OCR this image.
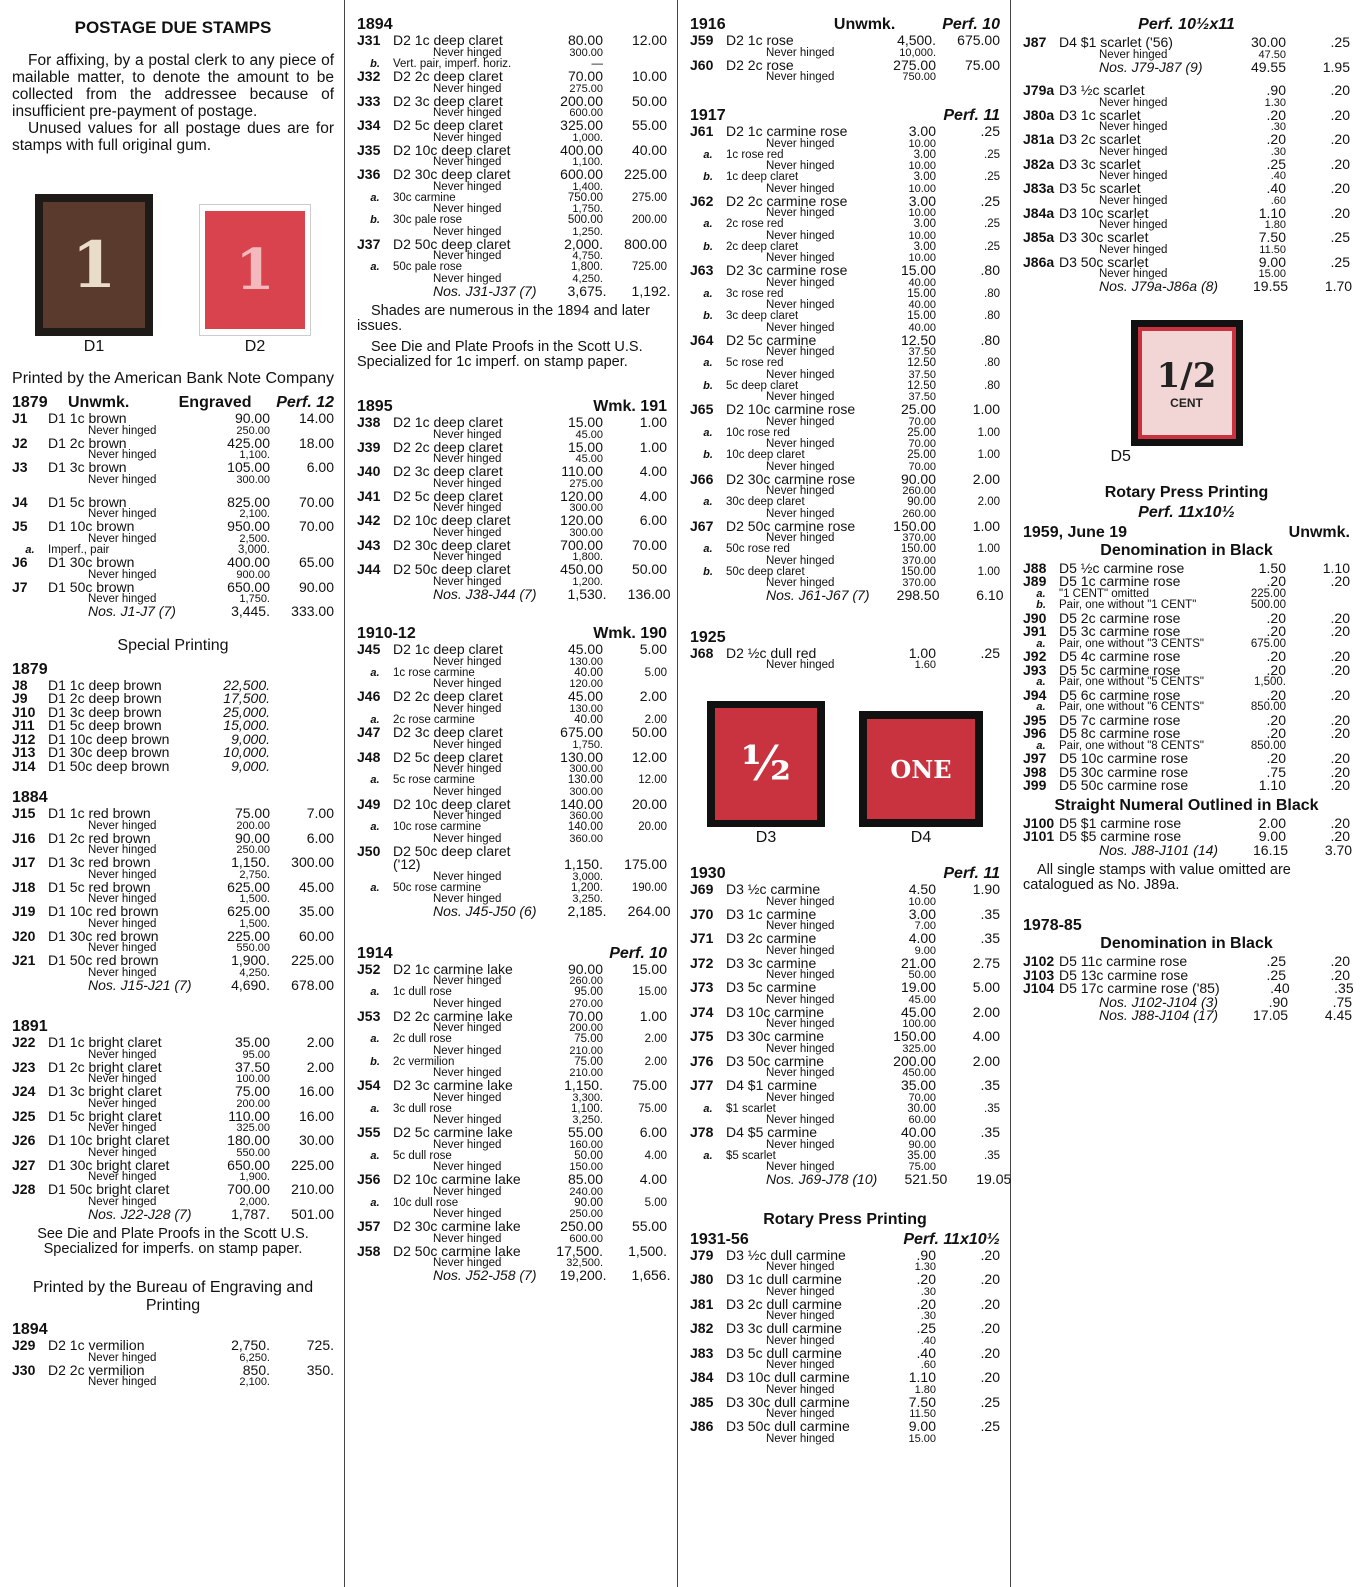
POSTAGE DUE STAMPS

For affixing, by a postal clerk to any piece of mailable matter, to denote the amount to be collected from the addressee because of insufficient pre-payment of postage.

Unused values for all postage dues are for stamps with full original gum.

1
D1
1
D2
Printed by the American Bank Note Company
1879	Unwmk.	Engraved	Perf. 12
J1	D1 1c brown	90.00	14.00
Never hinged	250.00
J2	D1 2c brown	425.00	18.00
Never hinged	1,100.
J3	D1 3c brown	105.00	6.00
Never hinged	300.00
J4	D1 5c brown	825.00	70.00
Never hinged	2,100.
J5	D1 10c brown	950.00	70.00
Never hinged	2,500.
a.	Imperf., pair	3,000.
J6	D1 30c brown	400.00	65.00
Never hinged	900.00
J7	D1 50c brown	650.00	90.00
Never hinged	1,750.
Nos. J1-J7 (7)	3,445.	333.00
Special Printing
1879
J8	D1 1c deep brown	22,500.
J9	D1 2c deep brown	17,500.
J10 D1 3c deep brown	25,000.
J11 D1 5c deep brown	15,000.
J12 D1 10c deep brown	9,000.
J13 D1 30c deep brown	10,000.
J14 D1 50c deep brown	9,000.
1884
J15 D1 1c red brown	75.00	7.00
Never hinged	200.00
J16 D1 2c red brown	90.00	6.00
Never hinged	250.00
J17 D1 3c red brown	1,150.	300.00
Never hinged	2,750.
J18 D1 5c red brown	625.00	45.00
Never hinged	1,500.
J19 D1 10c red brown	625.00	35.00
Never hinged	1,500.
J20 D1 30c red brown	225.00	60.00
Never hinged	550.00
J21 D1 50c red brown	1,900.	225.00
Never hinged	4,250.
Nos. J15-J21 (7)	4,690.	678.00
1891
J22 D1 1c bright claret	35.00	2.00
Never hinged	95.00
J23 D1 2c bright claret	37.50	2.00
Never hinged	100.00
J24 D1 3c bright claret	75.00	16.00
Never hinged	200.00
J25 D1 5c bright claret	110.00	16.00
Never hinged	325.00
J26 D1 10c bright claret	180.00	30.00
Never hinged	550.00
J27 D1 30c bright claret	650.00	225.00
Never hinged	1,900.
J28 D1 50c bright claret	700.00	210.00
Never hinged	2,000.
Nos. J22-J28 (7)	1,787.	501.00
See Die and Plate Proofs in the Scott U.S. Specialized for imperfs. on stamp paper.
Printed by the Bureau of Engraving and Printing
1894
J29 D2 1c vermilion	2,750.	725.
Never hinged	6,250.
J30 D2 2c vermilion	850.	350.
Never hinged	2,100.
1894
J31 D2 1c deep claret	80.00	12.00
Never hinged	300.00
b.	Vert. pair, imperf. horiz.	—
J32 D2 2c deep claret	70.00	10.00
Never hinged	275.00
J33 D2 3c deep claret	200.00	50.00
Never hinged	600.00
J34 D2 5c deep claret	325.00	55.00
Never hinged	1,000.
J35 D2 10c deep claret	400.00	40.00
Never hinged	1,100.
J36 D2 30c deep claret	600.00	225.00
Never hinged	1,400.
a.	30c carmine	750.00	275.00
Never hinged	1,750.
b.	30c pale rose	500.00	200.00
Never hinged	1,250.
J37 D2 50c deep claret	2,000.	800.00
Never hinged	4,750.
a.	50c pale rose	1,800.	725.00
Never hinged	4,250.
Nos. J31-J37 (7)	3,675.	1,192.
Shades are numerous in the 1894 and later issues.
See Die and Plate Proofs in the Scott U.S. Specialized for 1c imperf. on stamp paper.
1895	Wmk. 191
J38 D2 1c deep claret	15.00	1.00
Never hinged	45.00
J39 D2 2c deep claret	15.00	1.00
Never hinged	45.00
J40 D2 3c deep claret	110.00	4.00
Never hinged	275.00
J41 D2 5c deep claret	120.00	4.00
Never hinged	300.00
J42 D2 10c deep claret	120.00	6.00
Never hinged	300.00
J43 D2 30c deep claret	700.00	70.00
Never hinged	1,800.
J44 D2 50c deep claret	450.00	50.00
Never hinged	1,200.
Nos. J38-J44 (7)	1,530.	136.00
1910-12	Wmk. 190
J45 D2 1c deep claret	45.00	5.00
Never hinged	130.00
a.	1c rose carmine	40.00	5.00
Never hinged	120.00
J46 D2 2c deep claret	45.00	2.00
Never hinged	130.00
a.	2c rose carmine	40.00	2.00
J47 D2 3c deep claret	675.00	50.00
Never hinged	1,750.
J48 D2 5c deep claret	130.00	12.00
Never hinged	300.00
a.	5c rose carmine	130.00	12.00
Never hinged	300.00
J49 D2 10c deep claret	140.00	20.00
Never hinged	360.00
a.	10c rose carmine	140.00	20.00
Never hinged	360.00
J50 D2 50c deep claret
('12)	1,150.	175.00
Never hinged	3,000.
a.	50c rose carmine	1,200.	190.00
Never hinged	3,250.
Nos. J45-J50 (6)	2,185.	264.00
1914	Perf. 10
J52 D2 1c carmine lake	90.00	15.00
Never hinged	260.00
a.	1c dull rose	95.00	15.00
Never hinged	270.00
J53 D2 2c carmine lake	70.00	1.00
Never hinged	200.00
a.	2c dull rose	75.00	2.00
Never hinged	210.00
b.	2c vermilion	75.00	2.00
Never hinged	210.00
J54 D2 3c carmine lake	1,150.	75.00
Never hinged	3,300.
a.	3c dull rose	1,100.	75.00
Never hinged	3,250.
J55 D2 5c carmine lake	55.00	6.00
Never hinged	160.00
a.	5c dull rose	50.00	4.00
Never hinged	150.00
J56 D2 10c carmine lake	85.00	4.00
Never hinged	240.00
a.	10c dull rose	90.00	5.00
Never hinged	250.00
J57 D2 30c carmine lake	250.00	55.00
Never hinged	600.00
J58 D2 50c carmine lake	17,500.	1,500.
Never hinged	32,500.
Nos. J52-J58 (7)	19,200.	1,656.
1916	Unwmk.	Perf. 10
J59 D2 1c rose	4,500.	675.00
Never hinged	10,000.
J60 D2 2c rose	275.00	75.00
Never hinged	750.00
1917	Perf. 11
J61 D2 1c carmine rose	3.00	.25
Never hinged	10.00
a.	1c rose red	3.00	.25
Never hinged	10.00
b.	1c deep claret	3.00	.25
Never hinged	10.00
J62 D2 2c carmine rose	3.00	.25
Never hinged	10.00
a.	2c rose red	3.00	.25
Never hinged	10.00
b.	2c deep claret	3.00	.25
Never hinged	10.00
J63 D2 3c carmine rose	15.00	.80
Never hinged	40.00
a.	3c rose red	15.00	.80
Never hinged	40.00
b.	3c deep claret	15.00	.80
Never hinged	40.00
J64 D2 5c carmine	12.50	.80
Never hinged	37.50
a.	5c rose red	12.50	.80
Never hinged	37.50
b.	5c deep claret	12.50	.80
Never hinged	37.50
J65 D2 10c carmine rose	25.00	1.00
Never hinged	70.00
a.	10c rose red	25.00	1.00
Never hinged	70.00
b.	10c deep claret	25.00	1.00
Never hinged	70.00
J66 D2 30c carmine rose	90.00	2.00
Never hinged	260.00
a.	30c deep claret	90.00	2.00
Never hinged	260.00
J67 D2 50c carmine rose	150.00	1.00
Never hinged	370.00
a.	50c rose red	150.00	1.00
Never hinged	370.00
b.	50c deep claret	150.00	1.00
Never hinged	370.00
Nos. J61-J67 (7)	298.50	6.10
1925
J68 D2 ½c dull red	1.00	.25
Never hinged	1.60
½
D3
ONE
D4
1930	Perf. 11
J69 D3 ½c carmine	4.50	1.90
Never hinged	10.00
J70 D3 1c carmine	3.00	.35
Never hinged	7.00
J71 D3 2c carmine	4.00	.35
Never hinged	9.00
J72 D3 3c carmine	21.00	2.75
Never hinged	50.00
J73 D3 5c carmine	19.00	5.00
Never hinged	45.00
J74 D3 10c carmine	45.00	2.00
Never hinged	100.00
J75 D3 30c carmine	150.00	4.00
Never hinged	325.00
J76 D3 50c carmine	200.00	2.00
Never hinged	450.00
J77 D4 $1 carmine	35.00	.35
Never hinged	70.00
a.	$1 scarlet	30.00	.35
Never hinged	60.00
J78 D4 $5 carmine	40.00	.35
Never hinged	90.00
a.	$5 scarlet	35.00	.35
Never hinged	75.00
Nos. J69-J78 (10)	521.50	19.05
Rotary Press Printing
1931-56	Perf. 11x10½
J79 D3 ½c dull carmine	.90	.20
Never hinged	1.30
J80 D3 1c dull carmine	.20	.20
Never hinged	.30
J81 D3 2c dull carmine	.20	.20
Never hinged	.30
J82 D3 3c dull carmine	.25	.20
Never hinged	.40
J83 D3 5c dull carmine	.40	.20
Never hinged	.60
J84 D3 10c dull carmine	1.10	.20
Never hinged	1.80
J85 D3 30c dull carmine	7.50	.25
Never hinged	11.50
J86 D3 50c dull carmine	9.00	.25
Never hinged	15.00
Perf. 10½x11
J87 D4 $1 scarlet ('56)	30.00	.25
Never hinged	47.50
Nos. J79-J87 (9)	49.55	1.95
J79a D3 ½c scarlet	.90	.20
Never hinged	1.30
J80a D3 1c scarlet	.20	.20
Never hinged	.30
J81a D3 2c scarlet	.20	.20
Never hinged	.30
J82a D3 3c scarlet	.25	.20
Never hinged	.40
J83a D3 5c scarlet	.40	.20
Never hinged	.60
J84a D3 10c scarlet	1.10	.20
Never hinged	1.80
J85a D3 30c scarlet	7.50	.25
Never hinged	11.50
J86a D3 50c scarlet	9.00	.25
Never hinged	15.00
Nos. J79a-J86a (8)	19.55	1.70
1/2
CENT
D5
Rotary Press Printing
Perf. 11x10½
1959, June 19	Unwmk.
Denomination in Black
J88 D5 ½c carmine rose	1.50	1.10
J89 D5 1c carmine rose	.20	.20
a.	"1 CENT" omitted	225.00
b.	Pair, one without "1 CENT"	500.00
J90 D5 2c carmine rose	.20	.20
J91 D5 3c carmine rose	.20	.20
a.	Pair, one without "3 CENTS"	675.00
J92 D5 4c carmine rose	.20	.20
J93 D5 5c carmine rose	.20	.20
a.	Pair, one without "5 CENTS"	1,500.
J94 D5 6c carmine rose	.20	.20
a.	Pair, one without "6 CENTS"	850.00
J95 D5 7c carmine rose	.20	.20
J96 D5 8c carmine rose	.20	.20
a.	Pair, one without "8 CENTS"	850.00
J97 D5 10c carmine rose	.20	.20
J98 D5 30c carmine rose	.75	.20
J99 D5 50c carmine rose	1.10	.20
Straight Numeral Outlined in Black
J100 D5 $1 carmine rose	2.00	.20
J101 D5 $5 carmine rose	9.00	.20
Nos. J88-J101 (14)	16.15	3.70
All single stamps with value omitted are catalogued as No. J89a.
1978-85
Denomination in Black
J102 D5 11c carmine rose	.25	.20
J103 D5 13c carmine rose	.25	.20
J104 D5 17c carmine rose ('85)	.40	.35
Nos. J102-J104 (3)	.90	.75
Nos. J88-J104 (17)	17.05	4.45
